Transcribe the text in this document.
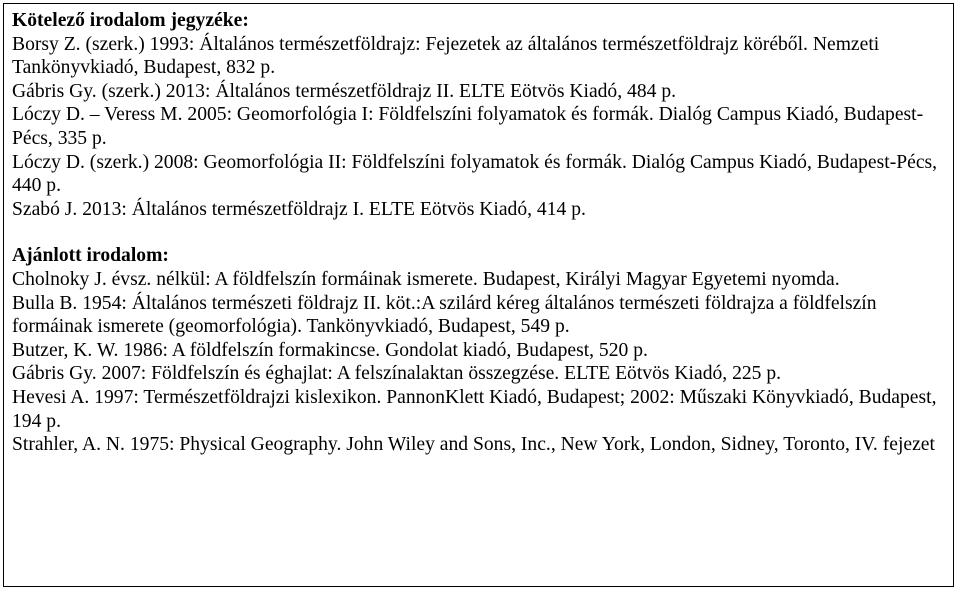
Kötelező irodalom jegyzéke:

Borsy Z. (szerk.) 1993: Általános természetföldrajz: Fejezetek az általános természetföldrajz köréből. Nemzeti Tankönyvkiadó, Budapest, 832 p.

Gábris Gy. (szerk.) 2013: Általános természetföldrajz II. ELTE Eötvös Kiadó, 484 p.

Lóczy D. – Veress M. 2005: Geomorfológia I: Földfelszíni folyamatok és formák. Dialóg Campus Kiadó, Budapest-Pécs, 335 p.

Lóczy D. (szerk.) 2008: Geomorfológia II: Földfelszíni folyamatok és formák. Dialóg Campus Kiadó, Budapest-Pécs, 440 p.

Szabó J. 2013: Általános természetföldrajz I. ELTE Eötvös Kiadó, 414 p.

Ajánlott irodalom:

Cholnoky J. évsz. nélkül: A földfelszín formáinak ismerete. Budapest, Királyi Magyar Egyetemi nyomda.

Bulla B. 1954: Általános természeti földrajz II. köt.:A szilárd kéreg általános természeti földrajza a földfelszín formáinak ismerete (geomorfológia). Tankönyvkiadó, Budapest, 549 p.

Butzer, K. W. 1986: A földfelszín formakincse. Gondolat kiadó, Budapest, 520 p.

Gábris Gy. 2007: Földfelszín és éghajlat: A felszínalaktan összegzése. ELTE Eötvös Kiadó, 225 p.

Hevesi A. 1997: Természetföldrajzi kislexikon. PannonKlett Kiadó, Budapest; 2002: Műszaki Könyvkiadó, Budapest, 194 p.

Strahler, A. N. 1975: Physical Geography. John Wiley and Sons, Inc., New York, London, Sidney, Toronto, IV. fejezet
